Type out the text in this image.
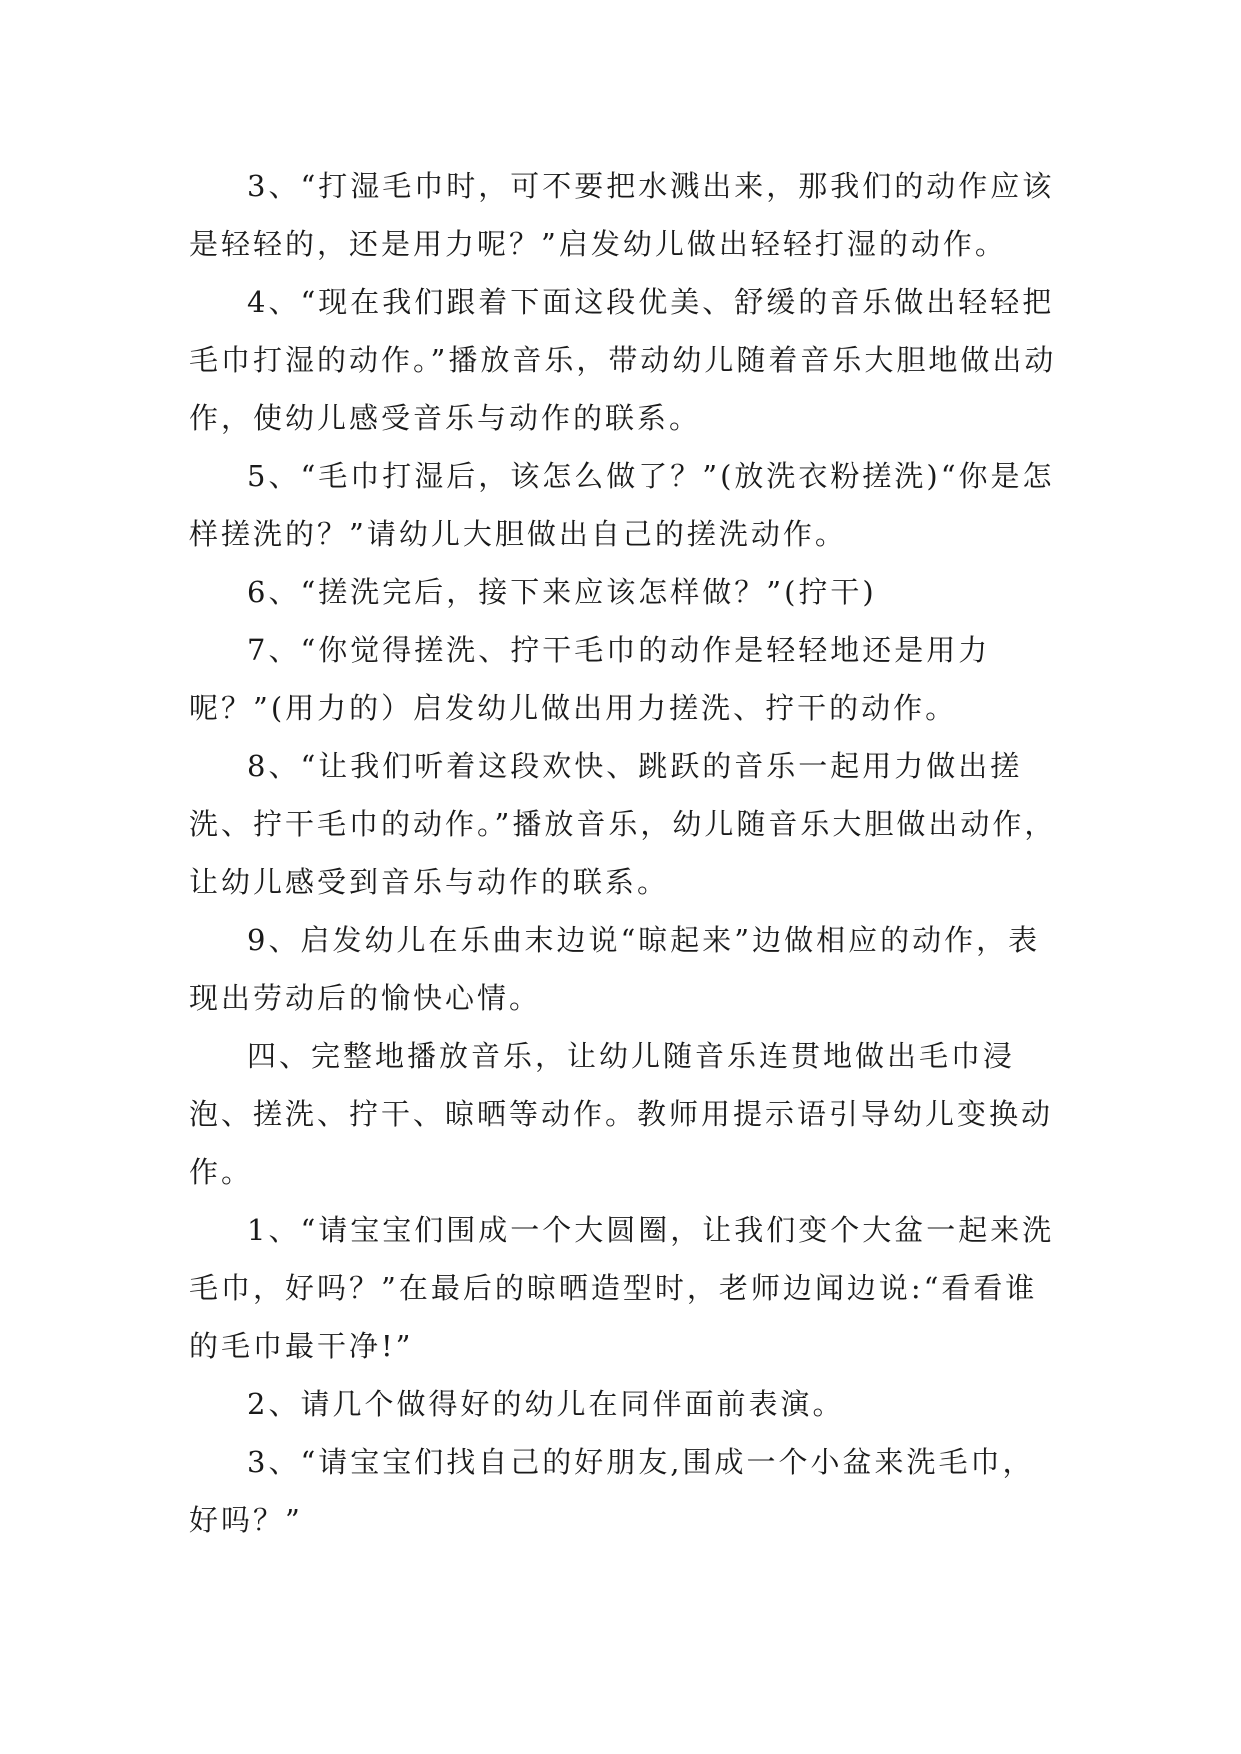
3、“打湿毛巾时，可不要把水溅出来，那我们的动作应该是轻轻的，还是用力呢？”启发幼儿做出轻轻打湿的动作。

4、“现在我们跟着下面这段优美、舒缓的音乐做出轻轻把毛巾打湿的动作。”播放音乐，带动幼儿随着音乐大胆地做出动作，使幼儿感受音乐与动作的联系。

5、“毛巾打湿后，该怎么做了？”(放洗衣粉搓洗)“你是怎样搓洗的？”请幼儿大胆做出自己的搓洗动作。

6、“搓洗完后，接下来应该怎样做？”(拧干)

7、“你觉得搓洗、拧干毛巾的动作是轻轻地还是用力呢？”(用力的）启发幼儿做出用力搓洗、拧干的动作。

8、“让我们听着这段欢快、跳跃的音乐一起用力做出搓洗、拧干毛巾的动作。”播放音乐，幼儿随音乐大胆做出动作，让幼儿感受到音乐与动作的联系。

9、启发幼儿在乐曲末边说“晾起来”边做相应的动作，表现出劳动后的愉快心情。

四、完整地播放音乐，让幼儿随音乐连贯地做出毛巾浸泡、搓洗、拧干、晾晒等动作。教师用提示语引导幼儿变换动作。

1、“请宝宝们围成一个大圆圈，让我们变个大盆一起来洗毛巾，好吗？”在最后的晾晒造型时，老师边闻边说:“看看谁的毛巾最干净!”

2、请几个做得好的幼儿在同伴面前表演。

3、“请宝宝们找自己的好朋友,围成一个小盆来洗毛巾，好吗？”
